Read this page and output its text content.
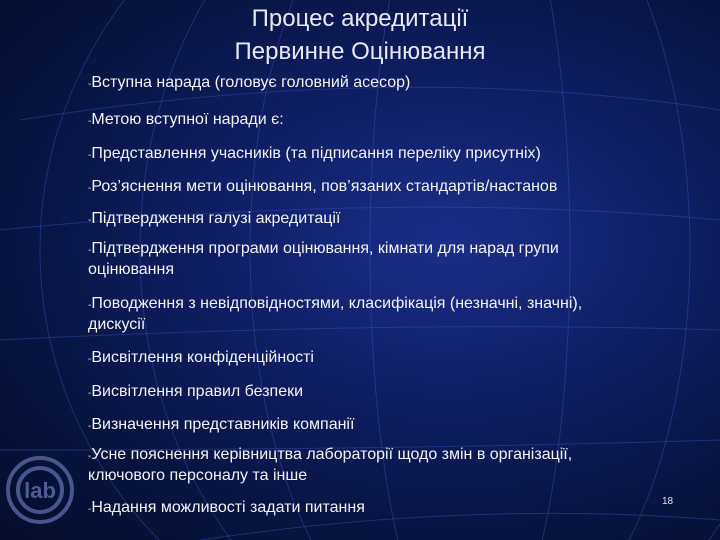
Процес акредитації
Первинне Оцінювання
-Вступна нарада (головує головний асесор)
-Метою вступної наради є:
-Представлення учасників (та підписання переліку присутніх)
-Роз’яснення мети оцінювання, пов’язаних стандартів/настанов
-Підтвердження галузі акредитації
-Підтвердження програми оцінювання, кімнати для нарад групи
оцінювання
-Поводження з невідповідностями, класифікація (незначні, значні),
дискусії
-Висвітлення конфіденційності
-Висвітлення правил безпеки
-Визначення представників компанії
-Усне пояснення керівництва лабораторії щодо змін в організації,
ключового персоналу та інше
-Надання можливості задати питання
lab	18
